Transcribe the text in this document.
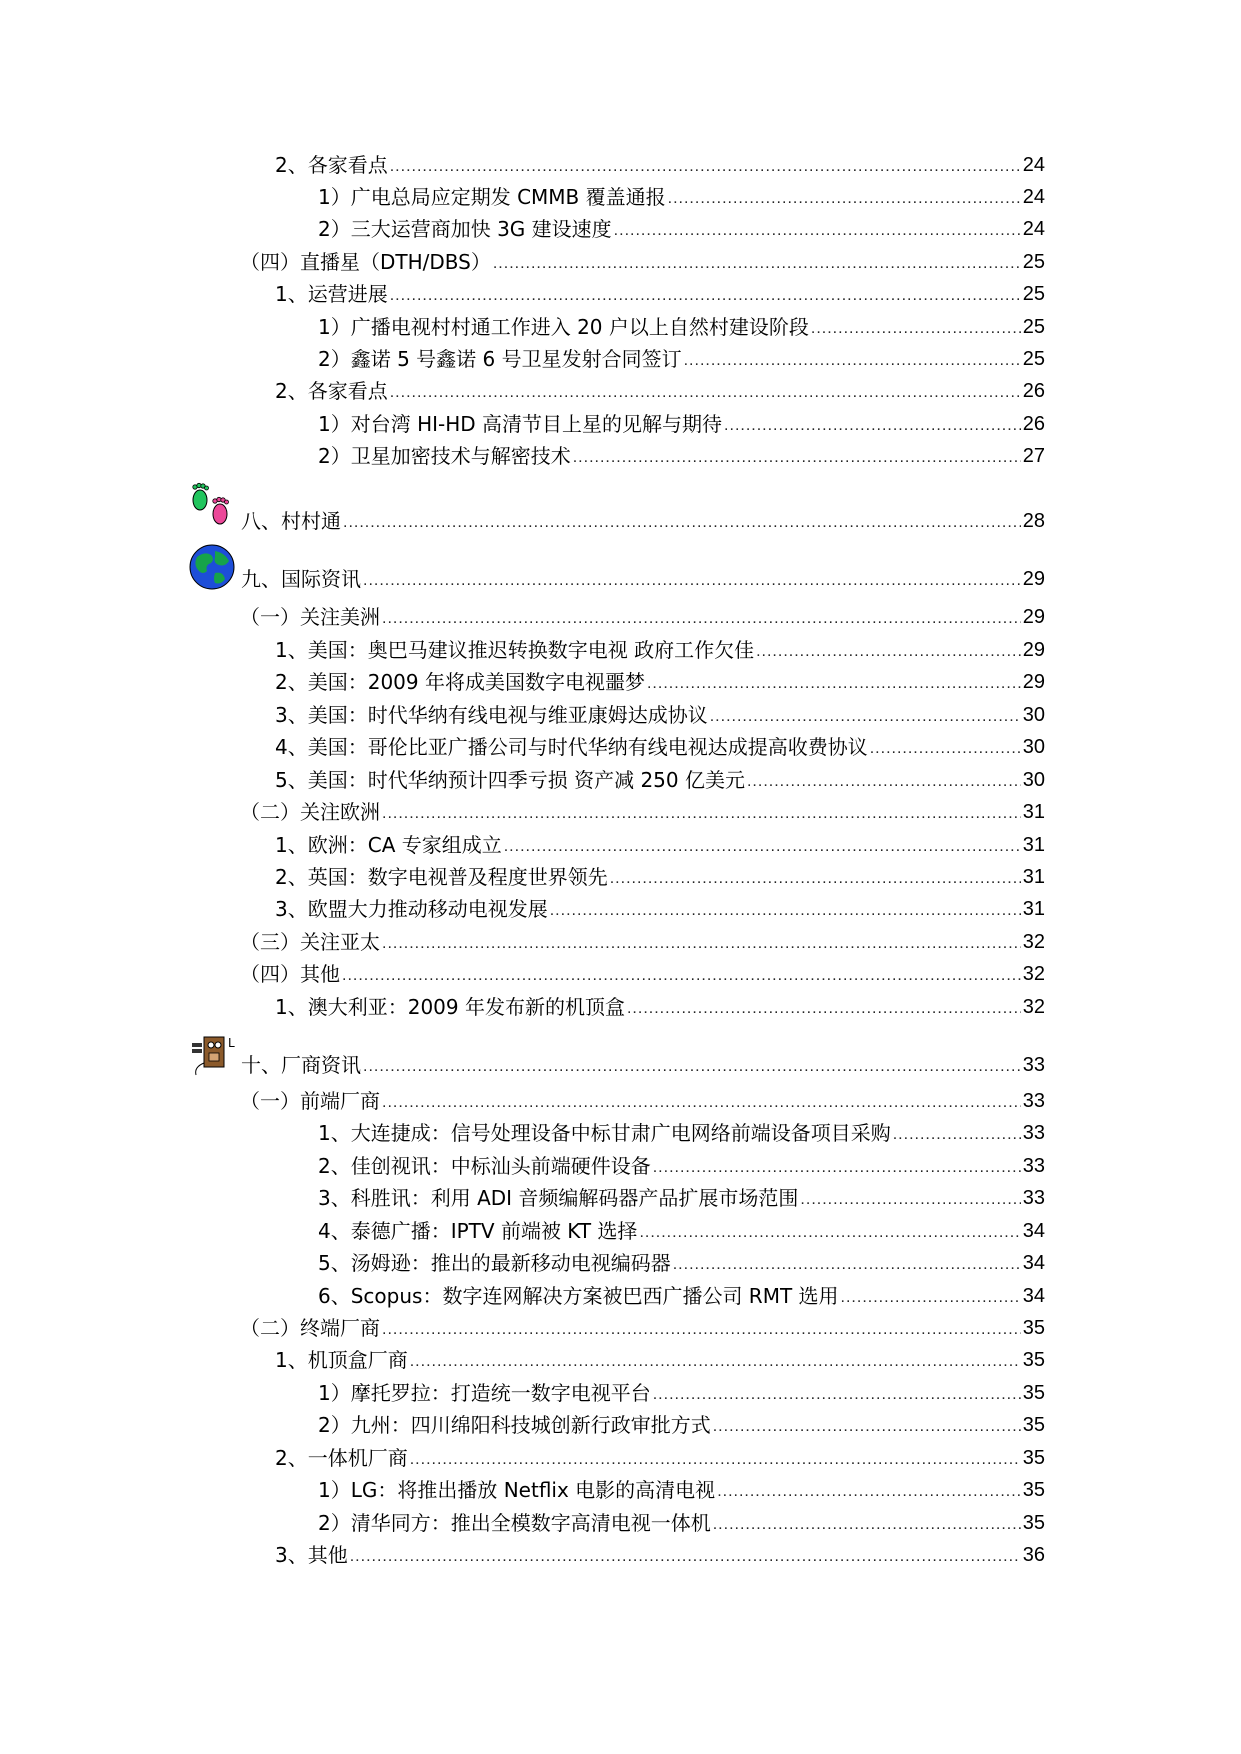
L
2、各家看点 .....	24
1）广电总局应定期发 CMMB 覆盖通报 .....	24
2）三大运营商加快 3G 建设速度 .....	24
（四）直播星（DTH/DBS） .....	25
1、运营进展 .....	25
1）广播电视村村通工作进入 20 户以上自然村建设阶段 .....	25
2）鑫诺 5 号鑫诺 6 号卫星发射合同签订 .....	25
2、各家看点 .....	26
1）对台湾 HI-HD 高清节目上星的见解与期待 .....	26
2）卫星加密技术与解密技术 .....	27
八、村村通 .....	28
九、国际资讯 .....	29
（一）关注美洲 .....	29
1、美国：奥巴马建议推迟转换数字电视 政府工作欠佳 .....	29
2、美国：2009 年将成美国数字电视噩梦 .....	29
3、美国：时代华纳有线电视与维亚康姆达成协议 .....	30
4、美国：哥伦比亚广播公司与时代华纳有线电视达成提高收费协议 .....	30
5、美国：时代华纳预计四季亏损 资产减 250 亿美元 .....	30
（二）关注欧洲 .....	31
1、欧洲：CA 专家组成立 .....	31
2、英国：数字电视普及程度世界领先 .....	31
3、欧盟大力推动移动电视发展 .....	31
（三）关注亚太 .....	32
（四）其他 .....	32
1、澳大利亚：2009 年发布新的机顶盒 .....	32
十、厂商资讯 .....	33
（一）前端厂商 .....	33
1、大连捷成：信号处理设备中标甘肃广电网络前端设备项目采购 .....	33
2、佳创视讯：中标汕头前端硬件设备 .....	33
3、科胜讯：利用 ADI 音频编解码器产品扩展市场范围 .....	33
4、泰德广播：IPTV 前端被 KT 选择 .....	34
5、汤姆逊：推出的最新移动电视编码器 .....	34
6、Scopus：数字连网解决方案被巴西广播公司 RMT 选用 .....	34
（二）终端厂商 .....	35
1、机顶盒厂商 .....	35
1）摩托罗拉：打造统一数字电视平台 .....	35
2）九州：四川绵阳科技城创新行政审批方式 .....	35
2、一体机厂商 .....	35
1）LG：将推出播放 Netflix 电影的高清电视 .....	35
2）清华同方：推出全模数字高清电视一体机 .....	35
3、其他 .....	36
